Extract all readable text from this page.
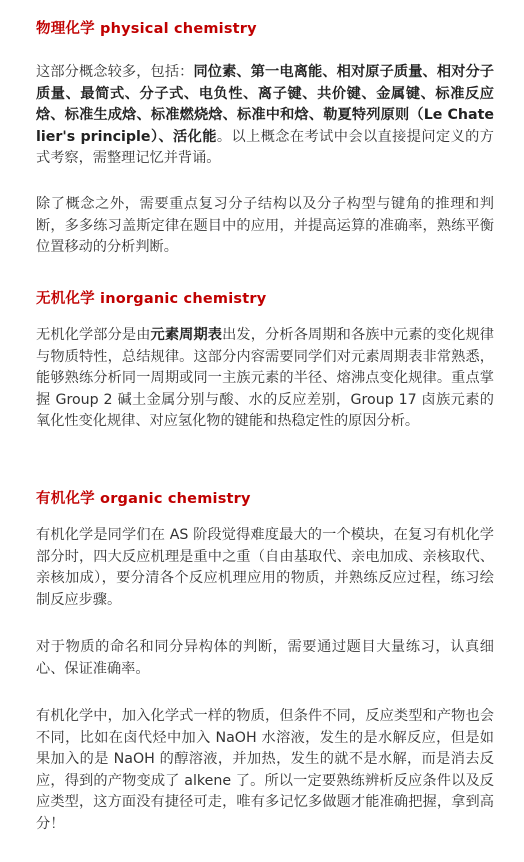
物理化学 physical chemistry
这部分概念较多，包括：同位素、第一电离能、相对原子质量、相对分子质量、最简式、分子式、电负性、离子键、共价键、金属键、标准反应焓、标准生成焓、标准燃烧焓、标准中和焓、勒夏特列原则（Le Chatelier's principle）、活化能。以上概念在考试中会以直接提问定义的方式考察，需整理记忆并背诵。
除了概念之外，需要重点复习分子结构以及分子构型与键角的推理和判断，多多练习盖斯定律在题目中的应用，并提高运算的准确率，熟练平衡位置移动的分析判断。
无机化学 inorganic chemistry
无机化学部分是由元素周期表出发，分析各周期和各族中元素的变化规律与物质特性，总结规律。这部分内容需要同学们对元素周期表非常熟悉，能够熟练分析同一周期或同一主族元素的半径、熔沸点变化规律。重点掌握 Group 2 碱土金属分别与酸、水的反应差别，Group 17 卤族元素的氧化性变化规律、对应氢化物的键能和热稳定性的原因分析。
有机化学 organic chemistry
有机化学是同学们在 AS 阶段觉得难度最大的一个模块，在复习有机化学部分时，四大反应机理是重中之重（自由基取代、亲电加成、亲核取代、亲核加成），要分清各个反应机理应用的物质，并熟练反应过程，练习绘制反应步骤。
对于物质的命名和同分异构体的判断，需要通过题目大量练习，认真细心、保证准确率。
有机化学中，加入化学式一样的物质，但条件不同，反应类型和产物也会不同，比如在卤代烃中加入 NaOH 水溶液，发生的是水解反应，但是如果加入的是 NaOH 的醇溶液，并加热，发生的就不是水解，而是消去反应，得到的产物变成了 alkene 了。所以一定要熟练辨析反应条件以及反应类型，这方面没有捷径可走，唯有多记忆多做题才能准确把握，拿到高分！
